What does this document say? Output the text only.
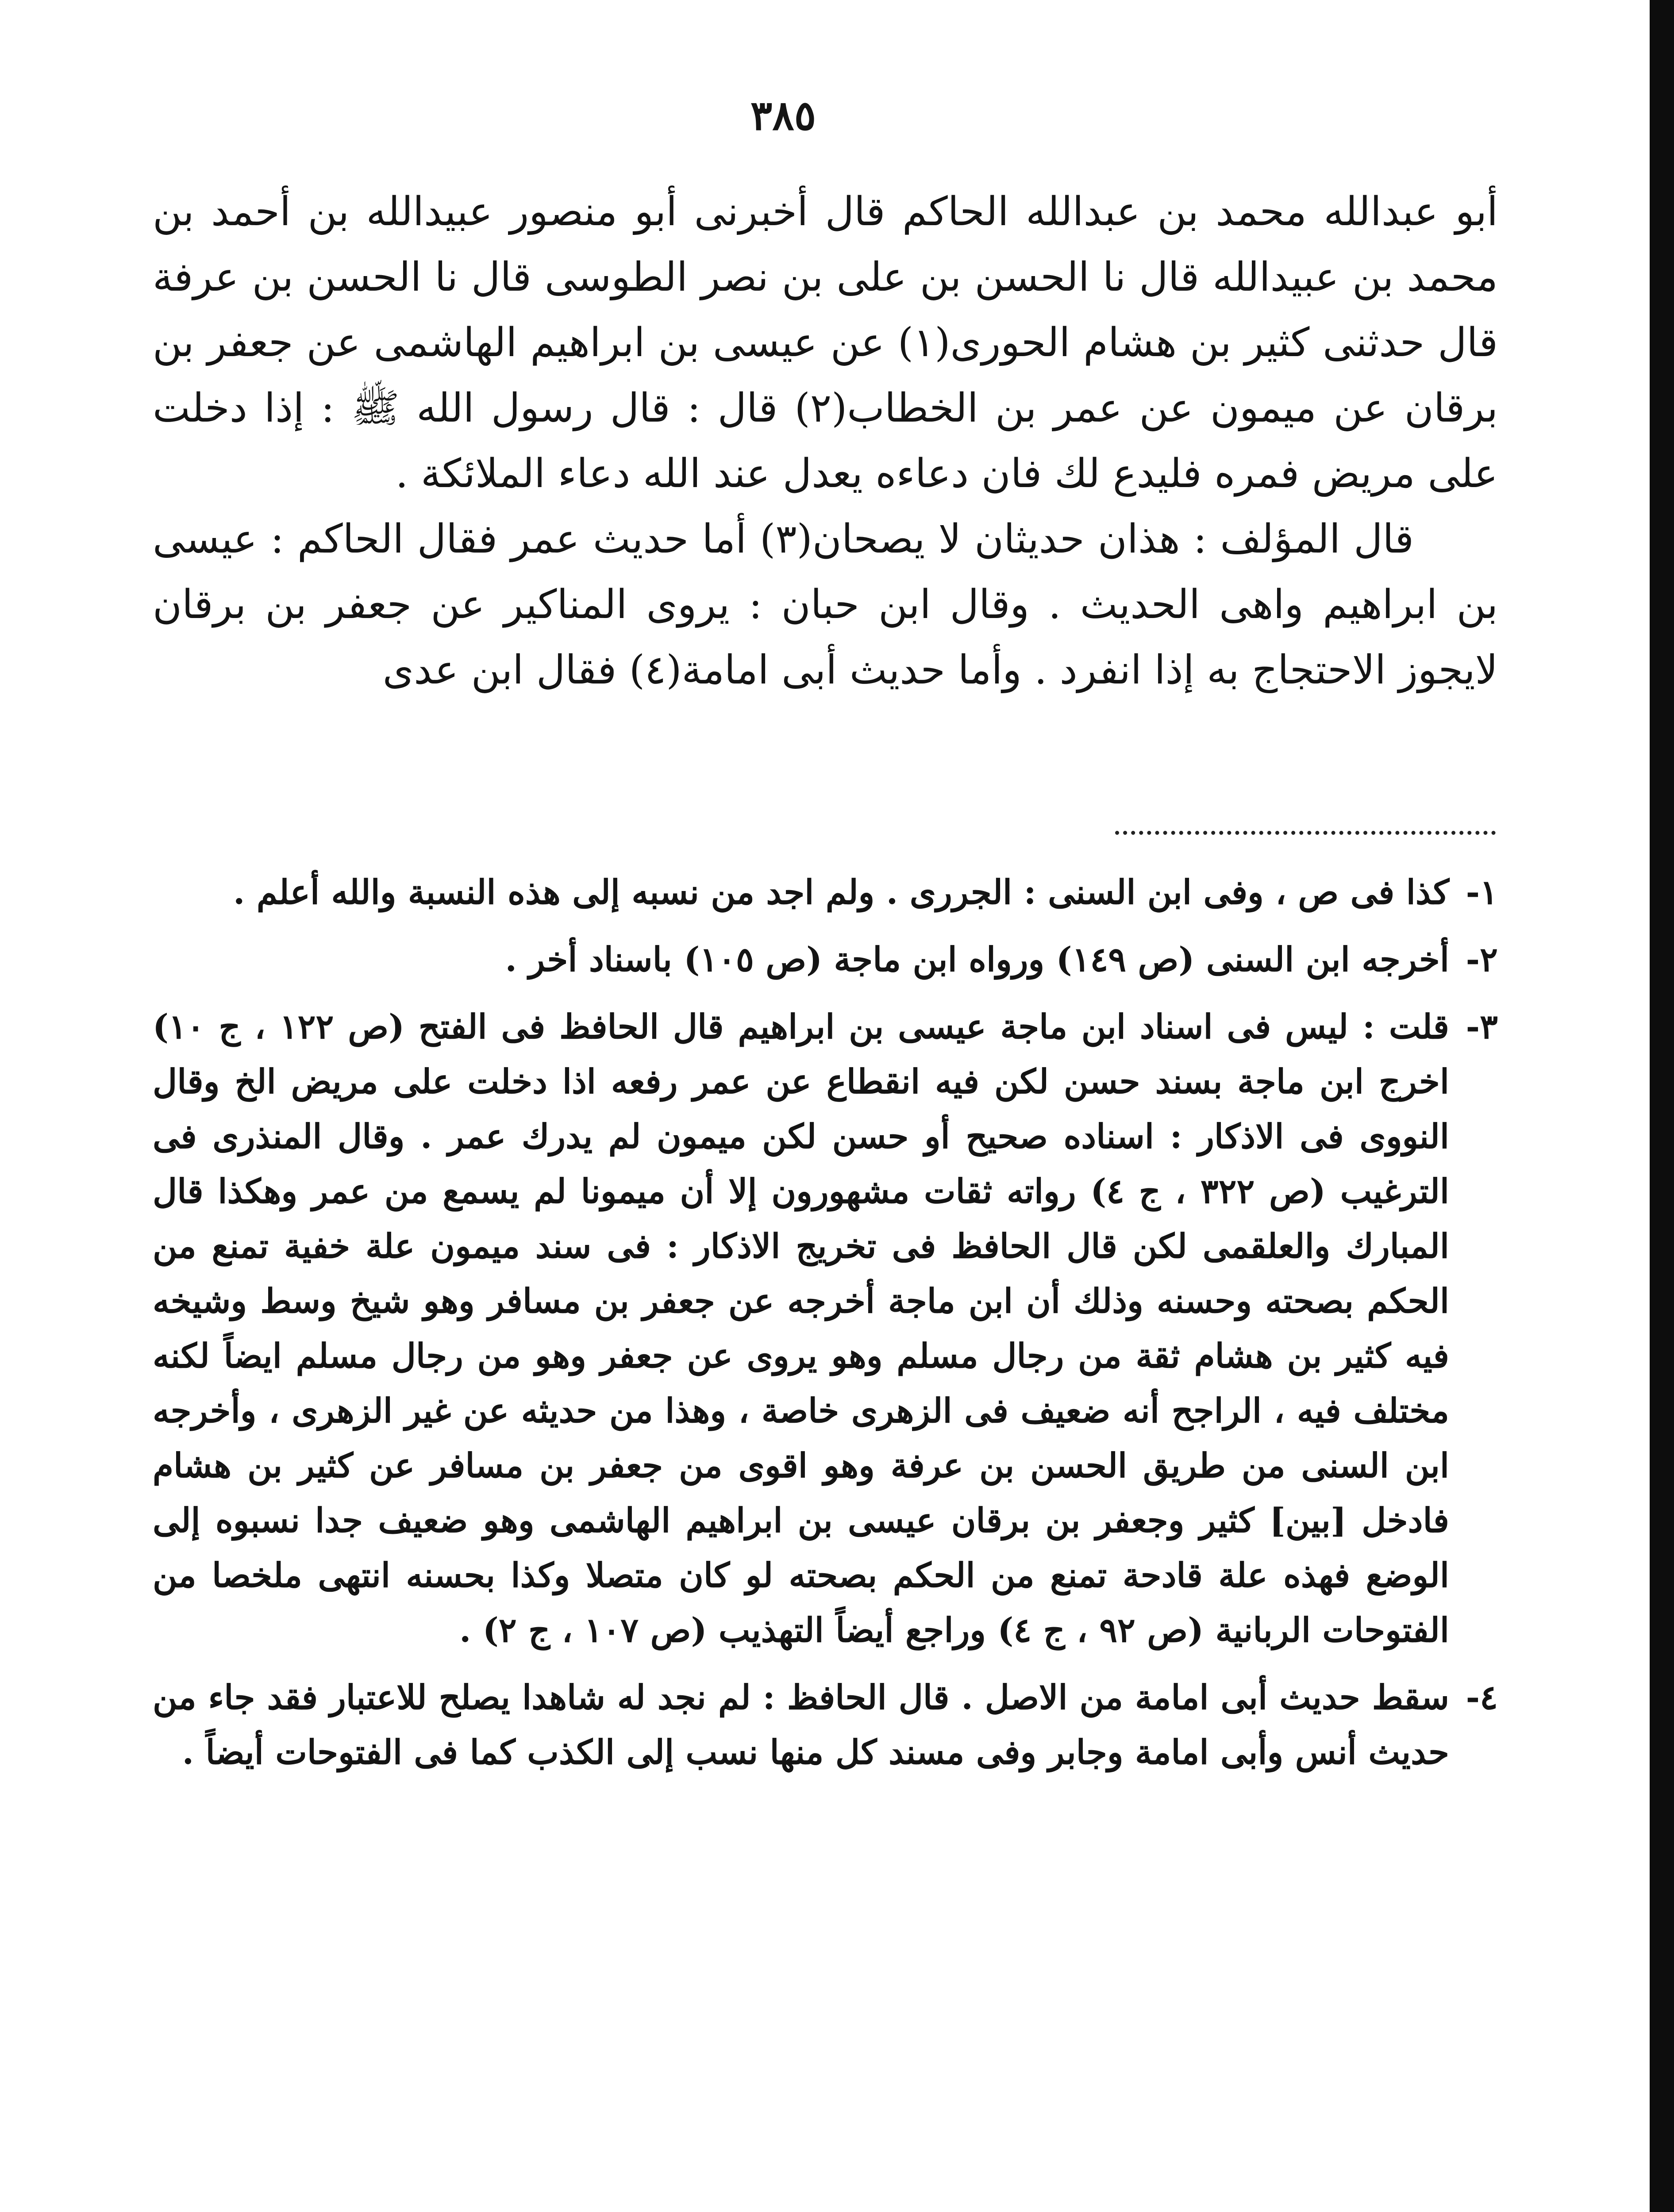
٣٨٥

أبو عبدالله محمد بن عبدالله الحاكم قال أخبرنى أبو منصور عبيدالله بن أحمد بن محمد بن عبيدالله قال نا الحسن بن على بن نصر الطوسى قال نا الحسن بن عرفة قال حدثنى كثير بن هشام الحورى(١) عن عيسى بن ابراهيم الهاشمى عن جعفر بن برقان عن ميمون عن عمر بن الخطاب(٢) قال : قال رسول الله ﷺ : إذا دخلت على مريض فمره فليدع لك فان دعاءه يعدل عند الله دعاء الملائكة .

قال المؤلف : هذان حديثان لا يصحان(٣) أما حديث عمر فقال الحاكم : عيسى بن ابراهيم واهى الحديث . وقال ابن حبان : يروى المناكير عن جعفر بن برقان لايجوز الاحتجاج به إذا انفرد . وأما حديث أبى امامة(٤) فقال ابن عدى

١-
كذا فى ص ، وفى ابن السنى : الجررى . ولم اجد من نسبه إلى هذه النسبة والله أعلم .
٢-
أخرجه ابن السنى (ص ١٤٩) ورواه ابن ماجة (ص ١٠٥) باسناد أخر .
٣-
قلت : ليس فى اسناد ابن ماجة عيسى بن ابراهيم قال الحافظ فى الفتح (ص ١٢٢ ، ج ١٠) اخرج ابن ماجة بسند حسن لكن فيه انقطاع عن عمر رفعه اذا دخلت على مريض الخ وقال النووى فى الاذكار : اسناده صحيح أو حسن لكن ميمون لم يدرك عمر . وقال المنذرى فى الترغيب (ص ٣٢٢ ، ج ٤) رواته ثقات مشهورون إلا أن ميمونا لم يسمع من عمر وهكذا قال المبارك والعلقمى لكن قال الحافظ فى تخريج الاذكار : فى سند ميمون علة خفية تمنع من الحكم بصحته وحسنه وذلك أن ابن ماجة أخرجه عن جعفر بن مسافر وهو شيخ وسط وشيخه فيه كثير بن هشام ثقة من رجال مسلم وهو يروى عن جعفر وهو من رجال مسلم ايضاً لكنه مختلف فيه ، الراجح أنه ضعيف فى الزهرى خاصة ، وهذا من حديثه عن غير الزهرى ، وأخرجه ابن السنى من طريق الحسن بن عرفة وهو اقوى من جعفر بن مسافر عن كثير بن هشام فادخل [بين] كثير وجعفر بن برقان عيسى بن ابراهيم الهاشمى وهو ضعيف جدا نسبوه إلى الوضع فهذه علة قادحة تمنع من الحكم بصحته لو كان متصلا وكذا بحسنه انتهى ملخصا من الفتوحات الربانية (ص ٩٢ ، ج ٤) وراجع أيضاً التهذيب (ص ١٠٧ ، ج ٢) .
٤-
سقط حديث أبى امامة من الاصل . قال الحافظ : لم نجد له شاهدا يصلح للاعتبار فقد جاء من حديث أنس وأبى امامة وجابر وفى مسند كل منها نسب إلى الكذب كما فى الفتوحات أيضاً .
